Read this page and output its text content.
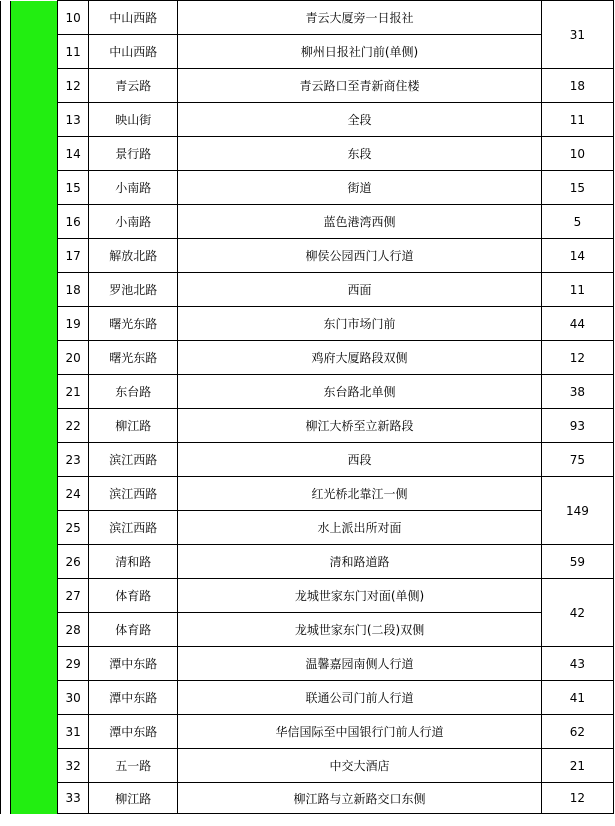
		10	中山西路	青云大厦旁一日报社	31
		11	中山西路	柳州日报社门前(单侧)	
		12	青云路	青云路口至青新商住楼	18
		13	映山街	全段	11
		14	景行路	东段	10
		15	小南路	街道	15
		16	小南路	蓝色港湾西侧	5
		17	解放北路	柳侯公园西门人行道	14
		18	罗池北路	西面	11
		19	曙光东路	东门市场门前	44
		20	曙光东路	鸡府大厦路段双侧	12
		21	东台路	东台路北单侧	38
		22	柳江路	柳江大桥至立新路段	93
		23	滨江西路	西段	75
		24	滨江西路	红光桥北靠江一侧	149
		25	滨江西路	水上派出所对面	
		26	清和路	清和路道路	59
		27	体育路	龙城世家东门对面(单侧)	42
		28	体育路	龙城世家东门(二段)双侧	
		29	潭中东路	温馨嘉园南侧人行道	43
		30	潭中东路	联通公司门前人行道	41
		31	潭中东路	华信国际至中国银行门前人行道	62
		32	五一路	中交大酒店	21
		33	柳江路	柳江路与立新路交口东侧	12
